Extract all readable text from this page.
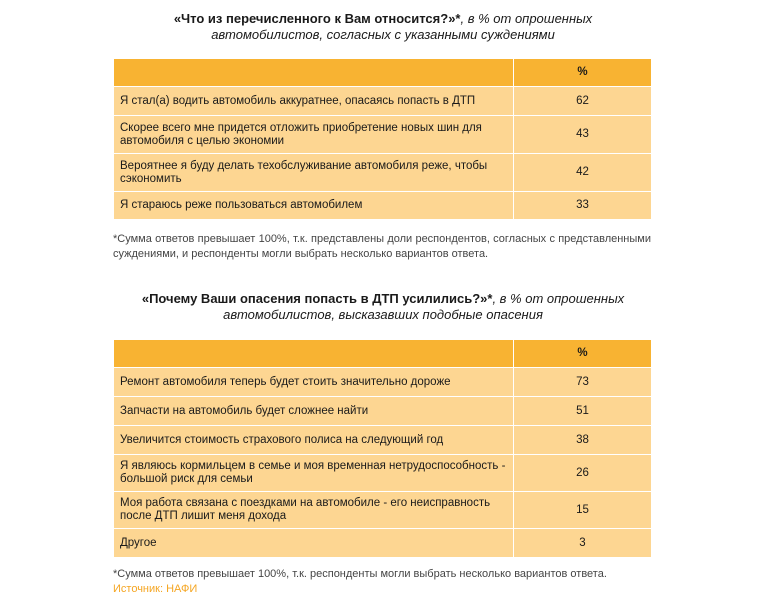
«Что из перечисленного к Вам относится?»*, в % от опрошенных
автомобилистов, согласных с указанными суждениями
	%
Я стал(а) водить автомобиль аккуратнее, опасаясь попасть в ДТП	62
Скорее всего мне придется отложить приобретение новых шин для автомобиля с целью экономии	43
Вероятнее я буду делать техобслуживание автомобиля реже, чтобы сэкономить	42
Я стараюсь реже пользоваться автомобилем	33
*Сумма ответов превышает 100%, т.к. представлены доли респондентов, согласных с представленными суждениями, и респонденты могли выбрать несколько вариантов ответа.
«Почему Ваши опасения попасть в ДТП усилились?»*, в % от опрошенных
автомобилистов, высказавших подобные опасения
	%
Ремонт автомобиля теперь будет стоить значительно дороже	73
Запчасти на автомобиль будет сложнее найти	51
Увеличится стоимость страхового полиса на следующий год	38
Я являюсь кормильцем в семье и моя временная нетрудоспособность - большой риск для семьи	26
Моя работа связана с поездками на автомобиле - его неисправность после ДТП лишит меня дохода	15
Другое	3
*Сумма ответов превышает 100%, т.к. респонденты могли выбрать несколько вариантов ответа.
Источник: НАФИ
